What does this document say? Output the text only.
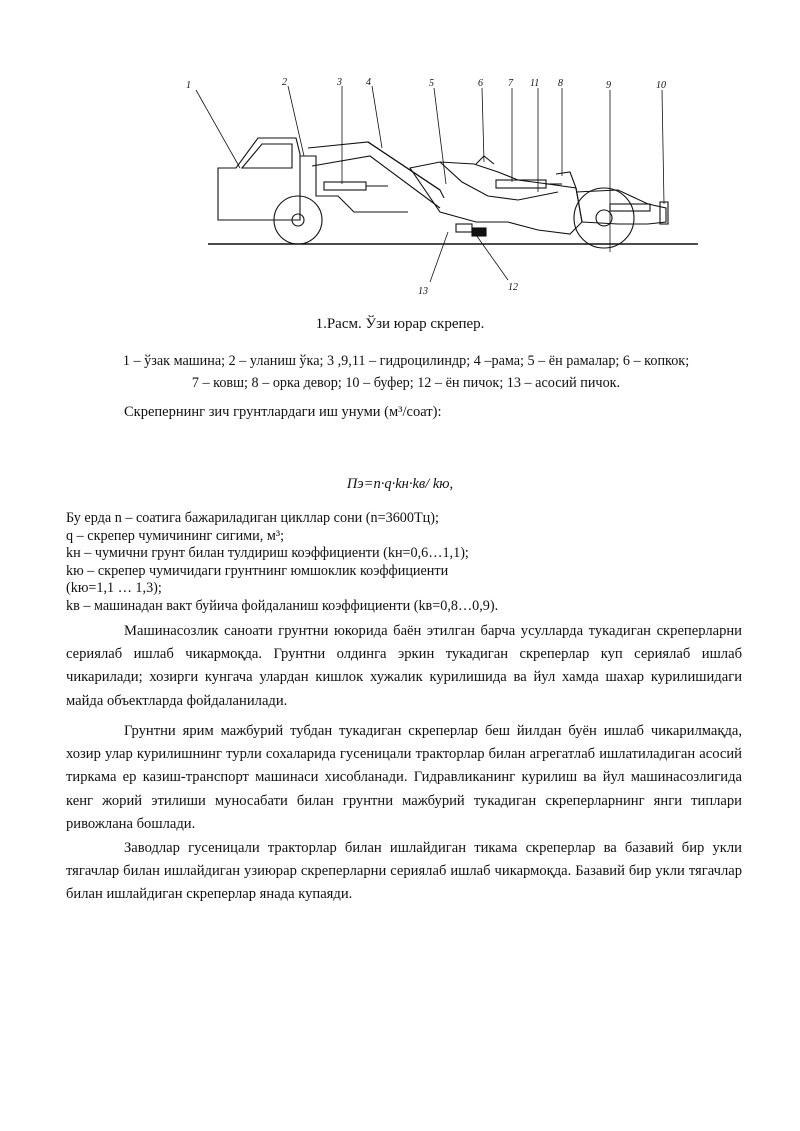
1	2	3 4	5	6	7 11 8	9	10
13	12
1.Расм. Ўзи юрар скрепер.

1 – ўзак машина; 2 – уланиш ўка; 3 ,9,11 – гидроцилиндр; 4 –рама; 5 – ён рамалар; 6 – копкок;

7 – ковш; 8 – орка девор; 10 – буфер; 12 – ён пичок; 13 – асосий пичок.

Скрепернинг зич грунтлардаги иш унуми (м³/соат):
Пэ=n·q·kн·kв/ kю,

Бу ерда n – соатига бажариладиган цикллар сони (n=3600Тц);

q – скрепер чумичининг сигими, м³;

kн – чумични грунт билан тулдириш коэффициенти (kн=0,6…1,1);

kю – скрепер чумичидаги грунтнинг юмшоклик коэффициенти

(kю=1,1 … 1,3);

kв – машинадан вакт буйича фойдаланиш коэффициенти (kв=0,8…0,9).

Машинасозлик саноати грунтни юкорида баён этилган барча усулларда тукадиган скреперларни сериялаб ишлаб чикармоқда. Грунтни олдинга эркин тукадиган скреперлар куп сериялаб ишлаб чикарилади; хозирги кунгача улардан кишлок хужалик курилишида ва йул хамда шахар курилишидаги майда объектларда фойдаланилади.

Грунтни ярим мажбурий тубдан тукадиган скреперлар беш йилдан буён ишлаб чикарилмақда, хозир улар курилишнинг турли сохаларида гусеницали тракторлар билан агрегатлаб ишлатиладиган асосий тиркама ер казиш-транспорт машинаси хисобланади. Гидравликанинг курилиш ва йул машинасозлигида кенг жорий этилиши муносабати билан грунтни мажбурий тукадиган скреперларнинг янги типлари ривожлана бошлади.

Заводлар гусеницали тракторлар билан ишлайдиган тикама скреперлар ва базавий бир укли тягачлар билан ишлайдиган узиюрар скреперларни сериялаб ишлаб чикармоқда. Базавий бир укли тягачлар билан ишлайдиган скреперлар янада купаяди.
